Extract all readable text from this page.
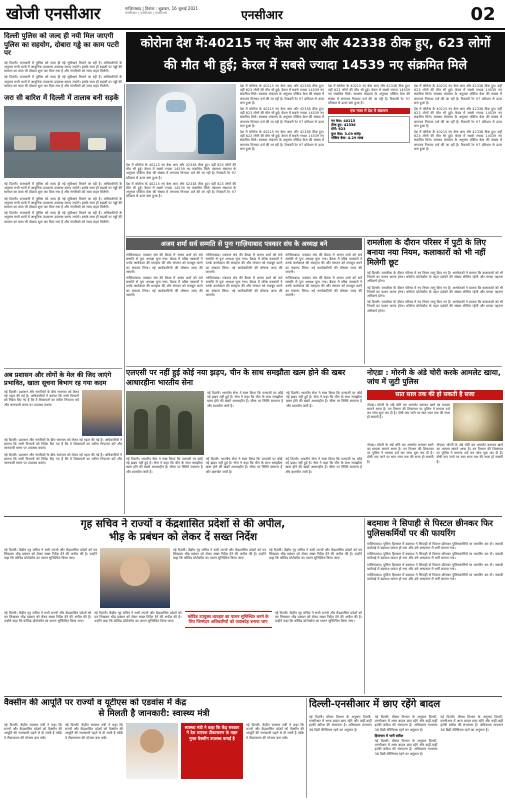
खोजी एनसीआर	गाज़ियाबाद | दिनांक : शुक्रवार, 16 जुलाई 2021
एनसीआर | एनसीआर | एनसीआर	एनसीआर	02
कोरोना देश में:40215 नए केस आए और 42338 ठीक हुए, 623 लोगों
की मौत भी हुई; केरल में सबसे ज्यादा 14539 नए संक्रमित मिले
दिल्ली पुलिस को जल्द ही नयी मिल जाएगी पुलिस का सहयोग, दोबारा गड्ढे का काम पटरी पर
नई दिल्ली। राजधानी में पुलिस को जल्द ही नई सुविधाएं मिलने जा रही हैं। अधिकारियों के अनुसार सभी थानों में आधुनिक उपकरण उपलब्ध कराए जाएंगे। इसके साथ ही सड़कों पर गड्ढों की मरम्मत का काम भी दोबारा शुरू कर दिया गया है और नागरिकों को जल्द राहत मिलेगी।
नई दिल्ली। राजधानी में पुलिस को जल्द ही नई सुविधाएं मिलने जा रही हैं। अधिकारियों के अनुसार सभी थानों में आधुनिक उपकरण उपलब्ध कराए जाएंगे। इसके साथ ही सड़कों पर गड्ढों की मरम्मत का काम भी दोबारा शुरू कर दिया गया है और नागरिकों को जल्द राहत मिलेगी।
जरा सी बारिश में दिल्ली में तालाब बनी सड़कें
नई दिल्ली। राजधानी में पुलिस को जल्द ही नई सुविधाएं मिलने जा रही हैं। अधिकारियों के अनुसार सभी थानों में आधुनिक उपकरण उपलब्ध कराए जाएंगे। इसके साथ ही सड़कों पर गड्ढों की मरम्मत का काम भी दोबारा शुरू कर दिया गया है और नागरिकों को जल्द राहत मिलेगी।
नई दिल्ली। राजधानी में पुलिस को जल्द ही नई सुविधाएं मिलने जा रही हैं। अधिकारियों के अनुसार सभी थानों में आधुनिक उपकरण उपलब्ध कराए जाएंगे। इसके साथ ही सड़कों पर गड्ढों की मरम्मत का काम भी दोबारा शुरू कर दिया गया है और नागरिकों को जल्द राहत मिलेगी।
नई दिल्ली। राजधानी में पुलिस को जल्द ही नई सुविधाएं मिलने जा रही हैं। अधिकारियों के अनुसार सभी थानों में आधुनिक उपकरण उपलब्ध कराए जाएंगे। इसके साथ ही सड़कों पर गड्ढों की मरम्मत का काम भी दोबारा शुरू कर दिया गया है और नागरिकों को जल्द राहत मिलेगी।
देश में कोरोना के 40215 नए केस आए और 42338 ठीक हुए। वहीं 623 लोगों की मौत भी हुई। केरल में सबसे ज्यादा 14539 नए संक्रमित मिले। स्वास्थ्य मंत्रालय के अनुसार एक्टिव केस की संख्या में लगातार गिरावट दर्ज की जा रही है। रिकवरी रेट 97 प्रतिशत से ऊपर बना हुआ है।
देश में कोरोना के 40215 नए केस आए और 42338 ठीक हुए। वहीं 623 लोगों की मौत भी हुई। केरल में सबसे ज्यादा 14539 नए संक्रमित मिले। स्वास्थ्य मंत्रालय के अनुसार एक्टिव केस की संख्या में लगातार गिरावट दर्ज की जा रही है। रिकवरी रेट 97 प्रतिशत से ऊपर बना हुआ है।
देश में कोरोना के 40215 नए केस आए और 42338 ठीक हुए। वहीं 623 लोगों की मौत भी हुई। केरल में सबसे ज्यादा 14539 नए संक्रमित मिले। स्वास्थ्य मंत्रालय के अनुसार एक्टिव केस की संख्या में लगातार गिरावट दर्ज की जा रही है। रिकवरी रेट 97 प्रतिशत से ऊपर बना हुआ है।
देश में कोरोना के 40215 नए केस आए और 42338 ठीक हुए। वहीं 623 लोगों की मौत भी हुई। केरल में सबसे ज्यादा 14539 नए संक्रमित मिले। स्वास्थ्य मंत्रालय के अनुसार एक्टिव केस की संख्या में लगातार गिरावट दर्ज की जा रही है। रिकवरी रेट 97 प्रतिशत से ऊपर बना हुआ है।
देश में कोरोना के 40215 नए केस आए और 42338 ठीक हुए। वहीं 623 लोगों की मौत भी हुई। केरल में सबसे ज्यादा 14539 नए संक्रमित मिले। स्वास्थ्य मंत्रालय के अनुसार एक्टिव केस की संख्या में लगातार गिरावट दर्ज की जा रही है। रिकवरी रेट 97 प्रतिशत से ऊपर बना हुआ है।
देश में कोरोना के 40215 नए केस आए और 42338 ठीक हुए। वहीं 623 लोगों की मौत भी हुई। केरल में सबसे ज्यादा 14539 नए संक्रमित मिले। स्वास्थ्य मंत्रालय के अनुसार एक्टिव केस की संख्या में लगातार गिरावट दर्ज की जा रही है। रिकवरी रेट 97 प्रतिशत से ऊपर बना हुआ है।
एक नजर में देश में संक्रमण
नए केस: 40215
ठीक हुए: 42338
मौतें: 623
कुल केस: 3.09 करोड़
एक्टिव केस: 4.29 लाख
देश में कोरोना के 40215 नए केस आए और 42338 ठीक हुए। वहीं 623 लोगों की मौत भी हुई। केरल में सबसे ज्यादा 14539 नए संक्रमित मिले। स्वास्थ्य मंत्रालय के अनुसार एक्टिव केस की संख्या में लगातार गिरावट दर्ज की जा रही है। रिकवरी रेट 97 प्रतिशत से ऊपर बना हुआ है।
देश में कोरोना के 40215 नए केस आए और 42338 ठीक हुए। वहीं 623 लोगों की मौत भी हुई। केरल में सबसे ज्यादा 14539 नए संक्रमित मिले। स्वास्थ्य मंत्रालय के अनुसार एक्टिव केस की संख्या में लगातार गिरावट दर्ज की जा रही है। रिकवरी रेट 97 प्रतिशत से ऊपर बना हुआ है।
देश में कोरोना के 40215 नए केस आए और 42338 ठीक हुए। वहीं 623 लोगों की मौत भी हुई। केरल में सबसे ज्यादा 14539 नए संक्रमित मिले। स्वास्थ्य मंत्रालय के अनुसार एक्टिव केस की संख्या में लगातार गिरावट दर्ज की जा रही है। रिकवरी रेट 97 प्रतिशत से ऊपर बना हुआ है।
अजय शर्मा सर्व सम्मति से पुनः गाज़ियाबाद पत्रकार संघ के अध्यक्ष बने
गाज़ियाबाद। पत्रकार संघ की बैठक में अजय शर्मा को सर्व सम्मति से पुनः अध्यक्ष चुना गया। बैठक में वरिष्ठ पत्रकारों ने उनके कार्यकाल की सराहना की और संगठन को मजबूत करने का संकल्प लिया। नई कार्यकारिणी की घोषणा जल्द की जाएगी।
गाज़ियाबाद। पत्रकार संघ की बैठक में अजय शर्मा को सर्व सम्मति से पुनः अध्यक्ष चुना गया। बैठक में वरिष्ठ पत्रकारों ने उनके कार्यकाल की सराहना की और संगठन को मजबूत करने का संकल्प लिया। नई कार्यकारिणी की घोषणा जल्द की जाएगी।
गाज़ियाबाद। पत्रकार संघ की बैठक में अजय शर्मा को सर्व सम्मति से पुनः अध्यक्ष चुना गया। बैठक में वरिष्ठ पत्रकारों ने उनके कार्यकाल की सराहना की और संगठन को मजबूत करने का संकल्प लिया। नई कार्यकारिणी की घोषणा जल्द की जाएगी।
गाज़ियाबाद। पत्रकार संघ की बैठक में अजय शर्मा को सर्व सम्मति से पुनः अध्यक्ष चुना गया। बैठक में वरिष्ठ पत्रकारों ने उनके कार्यकाल की सराहना की और संगठन को मजबूत करने का संकल्प लिया। नई कार्यकारिणी की घोषणा जल्द की जाएगी।
गाज़ियाबाद। पत्रकार संघ की बैठक में अजय शर्मा को सर्व सम्मति से पुनः अध्यक्ष चुना गया। बैठक में वरिष्ठ पत्रकारों ने उनके कार्यकाल की सराहना की और संगठन को मजबूत करने का संकल्प लिया। नई कार्यकारिणी की घोषणा जल्द की जाएगी।
गाज़ियाबाद। पत्रकार संघ की बैठक में अजय शर्मा को सर्व सम्मति से पुनः अध्यक्ष चुना गया। बैठक में वरिष्ठ पत्रकारों ने उनके कार्यकाल की सराहना की और संगठन को मजबूत करने का संकल्प लिया। नई कार्यकारिणी की घोषणा जल्द की जाएगी।
रामलीला के दौरान परिसर में पुटी के लिए बनाया नया नियम, कलाकारों को भी नहीं मिलेगी छूट
नई दिल्ली। रामलीला के दौरान परिसर में नए नियम लागू किए गए हैं। आयोजकों ने बताया कि कलाकारों को भी नियमों का पालन करना होगा। कोरोना प्रोटोकॉल के तहत दर्शकों की संख्या सीमित रहेगी और मास्क पहनना अनिवार्य होगा।
नई दिल्ली। रामलीला के दौरान परिसर में नए नियम लागू किए गए हैं। आयोजकों ने बताया कि कलाकारों को भी नियमों का पालन करना होगा। कोरोना प्रोटोकॉल के तहत दर्शकों की संख्या सीमित रहेगी और मास्क पहनना अनिवार्य होगा।
नई दिल्ली। रामलीला के दौरान परिसर में नए नियम लागू किए गए हैं। आयोजकों ने बताया कि कलाकारों को भी नियमों का पालन करना होगा। कोरोना प्रोटोकॉल के तहत दर्शकों की संख्या सीमित रहेगी और मास्क पहनना अनिवार्य होगा।
अब प्रशासन और लोगों के मेल की जिद जाएंगे प्रभावित, खाता सूचना बिभाग रह गया कदम
नई दिल्ली। प्रशासन और नागरिकों के बीच समन्वय को लेकर नई पहल की गई है। अधिकारियों ने बताया कि सभी विभागों को निर्देश दिए गए हैं कि वे शिकायतों का त्वरित निपटारा करें और जानकारी समय पर उपलब्ध कराएं।
नई दिल्ली। प्रशासन और नागरिकों के बीच समन्वय को लेकर नई पहल की गई है। अधिकारियों ने बताया कि सभी विभागों को निर्देश दिए गए हैं कि वे शिकायतों का त्वरित निपटारा करें और जानकारी समय पर उपलब्ध कराएं।
नई दिल्ली। प्रशासन और नागरिकों के बीच समन्वय को लेकर नई पहल की गई है। अधिकारियों ने बताया कि सभी विभागों को निर्देश दिए गए हैं कि वे शिकायतों का त्वरित निपटारा करें और जानकारी समय पर उपलब्ध कराएं।
एलएसी पर नहीं हुई कोई नया झड़प, चीन के साथ समझौता खत्म होने की खबर आधारहीनः भारतीय सेना
नई दिल्ली। भारतीय सेना ने स्पष्ट किया कि एलएसी पर कोई नई झड़प नहीं हुई है। सेना ने कहा कि चीन के साथ समझौता खत्म होने की खबरें आधारहीन हैं। सीमा पर स्थिति सामान्य है और बातचीत जारी है।
नई दिल्ली। भारतीय सेना ने स्पष्ट किया कि एलएसी पर कोई नई झड़प नहीं हुई है। सेना ने कहा कि चीन के साथ समझौता खत्म होने की खबरें आधारहीन हैं। सीमा पर स्थिति सामान्य है और बातचीत जारी है।
नई दिल्ली। भारतीय सेना ने स्पष्ट किया कि एलएसी पर कोई नई झड़प नहीं हुई है। सेना ने कहा कि चीन के साथ समझौता खत्म होने की खबरें आधारहीन हैं। सीमा पर स्थिति सामान्य है और बातचीत जारी है।
नई दिल्ली। भारतीय सेना ने स्पष्ट किया कि एलएसी पर कोई नई झड़प नहीं हुई है। सेना ने कहा कि चीन के साथ समझौता खत्म होने की खबरें आधारहीन हैं। सीमा पर स्थिति सामान्य है और बातचीत जारी है।
नई दिल्ली। भारतीय सेना ने स्पष्ट किया कि एलएसी पर कोई नई झड़प नहीं हुई है। सेना ने कहा कि चीन के साथ समझौता खत्म होने की खबरें आधारहीन हैं। सीमा पर स्थिति सामान्य है और बातचीत जारी है।
नोएडा : मोरनी के अंडे चोरी करके आमलेट खाया, जांच में जुटी पुलिस
सात साल तक की हो सकती है सजा
नोएडा। मोरनी के अंडे चोरी कर आमलेट बनाकर खाने का मामला सामने आया है। वन विभाग की शिकायत पर पुलिस ने मामला दर्ज कर जांच शुरू कर दी है। दोषी पाए जाने पर सात साल तक की सजा हो सकती है।
नोएडा। मोरनी के अंडे चोरी कर आमलेट बनाकर खाने का मामला सामने आया है। वन विभाग की शिकायत पर पुलिस ने मामला दर्ज कर जांच शुरू कर दी है। दोषी पाए जाने पर सात साल तक की सजा हो सकती है।
नोएडा। मोरनी के अंडे चोरी कर आमलेट बनाकर खाने का मामला सामने आया है। वन विभाग की शिकायत पर पुलिस ने मामला दर्ज कर जांच शुरू कर दी है। दोषी पाए जाने पर सात साल तक की सजा हो सकती है।
गृह सचिव ने राज्यों व केंद्रशासित प्रदेशों से की अपील,
भीड़ के प्रबंधन को लेकर दें सख्त निर्देश
नई दिल्ली। केंद्रीय गृह सचिव ने सभी राज्यों और केंद्रशासित प्रदेशों को पत्र लिखकर भीड़ प्रबंधन को लेकर सख्त निर्देश देने की अपील की है। उन्होंने कहा कि कोविड प्रोटोकॉल का पालन सुनिश्चित किया जाए।
नई दिल्ली। केंद्रीय गृह सचिव ने सभी राज्यों और केंद्रशासित प्रदेशों को पत्र लिखकर भीड़ प्रबंधन को लेकर सख्त निर्देश देने की अपील की है। उन्होंने कहा कि कोविड प्रोटोकॉल का पालन सुनिश्चित किया जाए।
नई दिल्ली। केंद्रीय गृह सचिव ने सभी राज्यों और केंद्रशासित प्रदेशों को पत्र लिखकर भीड़ प्रबंधन को लेकर सख्त निर्देश देने की अपील की है। उन्होंने कहा कि कोविड प्रोटोकॉल का पालन सुनिश्चित किया जाए।
नई दिल्ली। केंद्रीय गृह सचिव ने सभी राज्यों और केंद्रशासित प्रदेशों को पत्र लिखकर भीड़ प्रबंधन को लेकर सख्त निर्देश देने की अपील की है। उन्होंने कहा कि कोविड प्रोटोकॉल का पालन सुनिश्चित किया जाए।
नई दिल्ली। केंद्रीय गृह सचिव ने सभी राज्यों और केंद्रशासित प्रदेशों को पत्र लिखकर भीड़ प्रबंधन को लेकर सख्त निर्देश देने की अपील की है। उन्होंने कहा कि कोविड प्रोटोकॉल का पालन सुनिश्चित किया जाए।
कोविड उपयुक्त व्यवहार का पालन सुनिश्चित करने के लिए जिम्मेदार अधिकारियों को जवाबदेह बनाया जाए
नई दिल्ली। केंद्रीय गृह सचिव ने सभी राज्यों और केंद्रशासित प्रदेशों को पत्र लिखकर भीड़ प्रबंधन को लेकर सख्त निर्देश देने की अपील की है। उन्होंने कहा कि कोविड प्रोटोकॉल का पालन सुनिश्चित किया जाए।
बदमाश ने सिपाही से पिस्टल छीनकर फिर पुलिसकर्मियों पर की फायरिंग
गाज़ियाबाद। पुलिस हिरासत में बदमाश ने सिपाही से पिस्टल छीनकर पुलिसकर्मियों पर फायरिंग कर दी। जवाबी कार्रवाई में बदमाश घायल हो गया और उसे अस्पताल में भर्ती कराया गया।
गाज़ियाबाद। पुलिस हिरासत में बदमाश ने सिपाही से पिस्टल छीनकर पुलिसकर्मियों पर फायरिंग कर दी। जवाबी कार्रवाई में बदमाश घायल हो गया और उसे अस्पताल में भर्ती कराया गया।
गाज़ियाबाद। पुलिस हिरासत में बदमाश ने सिपाही से पिस्टल छीनकर पुलिसकर्मियों पर फायरिंग कर दी। जवाबी कार्रवाई में बदमाश घायल हो गया और उसे अस्पताल में भर्ती कराया गया।
गाज़ियाबाद। पुलिस हिरासत में बदमाश ने सिपाही से पिस्टल छीनकर पुलिसकर्मियों पर फायरिंग कर दी। जवाबी कार्रवाई में बदमाश घायल हो गया और उसे अस्पताल में भर्ती कराया गया।
वैक्सीन की आपूर्ति पर राज्यों व यूटीएस को एडवांस में केंद्र
से मिलती है जानकारी: स्वास्थ्य मंत्री
नई दिल्ली। केंद्रीय स्वास्थ्य मंत्री ने कहा कि राज्यों और केंद्रशासित प्रदेशों को वैक्सीन की आपूर्ति की जानकारी पहले से दी जाती है ताकि वे टीकाकरण की योजना बना सकें।
नई दिल्ली। केंद्रीय स्वास्थ्य मंत्री ने कहा कि राज्यों और केंद्रशासित प्रदेशों को वैक्सीन की आपूर्ति की जानकारी पहले से दी जाती है ताकि वे टीकाकरण की योजना बना सकें।
स्वास्थ्य मंत्री ने कहा कि केंद्र सरकार ने देश व्यापक टीकाकरण के तहत मुफ्त वैक्सीन उपलब्ध कराई है
नई दिल्ली। केंद्रीय स्वास्थ्य मंत्री ने कहा कि राज्यों और केंद्रशासित प्रदेशों को वैक्सीन की आपूर्ति की जानकारी पहले से दी जाती है ताकि वे टीकाकरण की योजना बना सकें।
दिल्ली-एनसीआर में छाए रहेंगे बादल
नई दिल्ली। मौसम विभाग के अनुसार दिल्ली-एनसीआर में आज बादल छाए रहेंगे और कहीं-कहीं हल्की बारिश की संभावना है। अधिकतम तापमान 36 डिग्री सेल्सियस रहने का अनुमान है।
नई दिल्ली। मौसम विभाग के अनुसार दिल्ली-एनसीआर में आज बादल छाए रहेंगे और कहीं-कहीं हल्की बारिश की संभावना है। अधिकतम तापमान 36 डिग्री सेल्सियस रहने का अनुमान है।
हिमाचल में भारी बारिश
नई दिल्ली। मौसम विभाग के अनुसार दिल्ली-एनसीआर में आज बादल छाए रहेंगे और कहीं-कहीं हल्की बारिश की संभावना है। अधिकतम तापमान 36 डिग्री सेल्सियस रहने का अनुमान है।
नई दिल्ली। मौसम विभाग के अनुसार दिल्ली-एनसीआर में आज बादल छाए रहेंगे और कहीं-कहीं हल्की बारिश की संभावना है। अधिकतम तापमान 36 डिग्री सेल्सियस रहने का अनुमान है।
